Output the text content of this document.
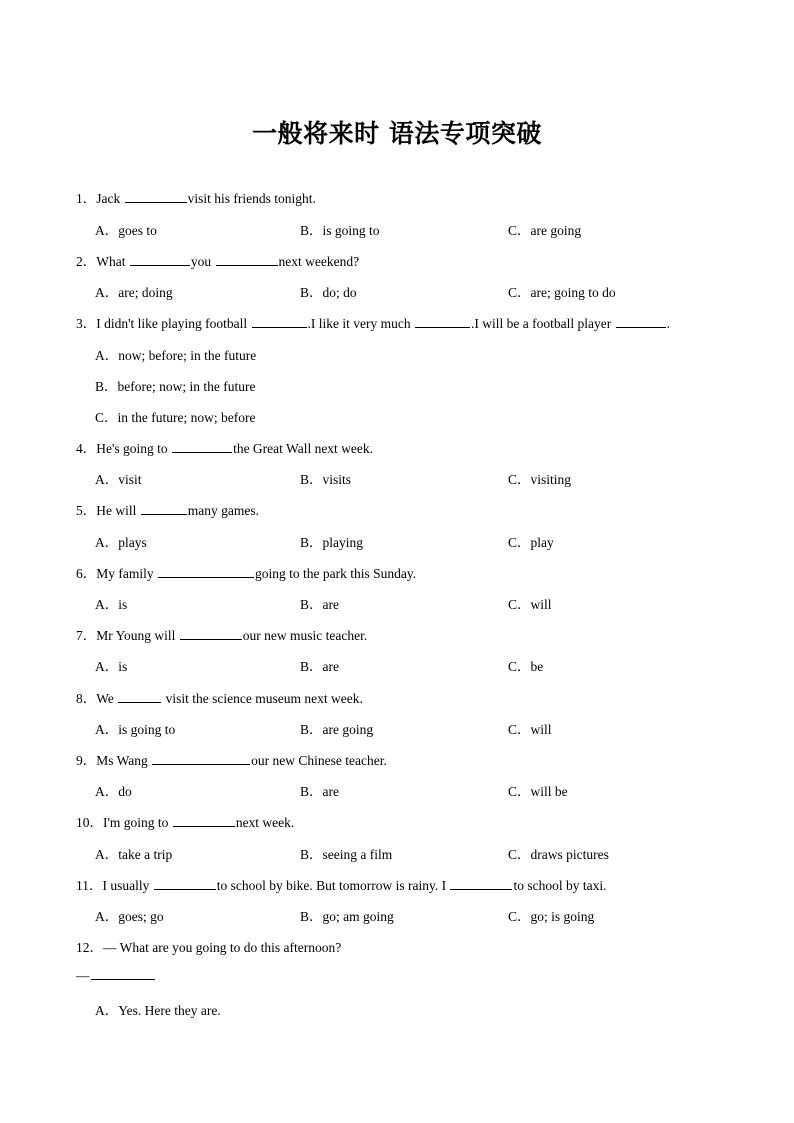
一般将来时 语法专项突破
1．Jack	visit his friends tonight.
A．goes to	B．is going to	C．are going
2．What	you	next weekend?
A．are; doing	B．do; do	C．are; going to do
3．I didn't like playing football	.I like it very much	.I will be a football player	.
A．now; before; in the future
B．before; now; in the future
C．in the future; now; before
4．He's going to	the Great Wall next week.
A．visit	B．visits	C．visiting
5．He will	many games.
A．plays	B．playing	C．play
6．My family	going to the park this Sunday.
A．is	B．are	C．will
7．Mr Young will	our new music teacher.
A．is	B．are	C．be
8．We	visit the science museum next week.
A．is going to	B．are going	C．will
9．Ms Wang	our new Chinese teacher.
A．do	B．are	C．will be
10．I'm going to	next week.
A．take a trip	B．seeing a film	C．draws pictures
11．I usually	to school by bike. But tomorrow is rainy. I	to school by taxi.
A．goes; go	B．go; am going	C．go; is going
12．— What are you going to do this afternoon?
—
A．Yes. Here they are.
